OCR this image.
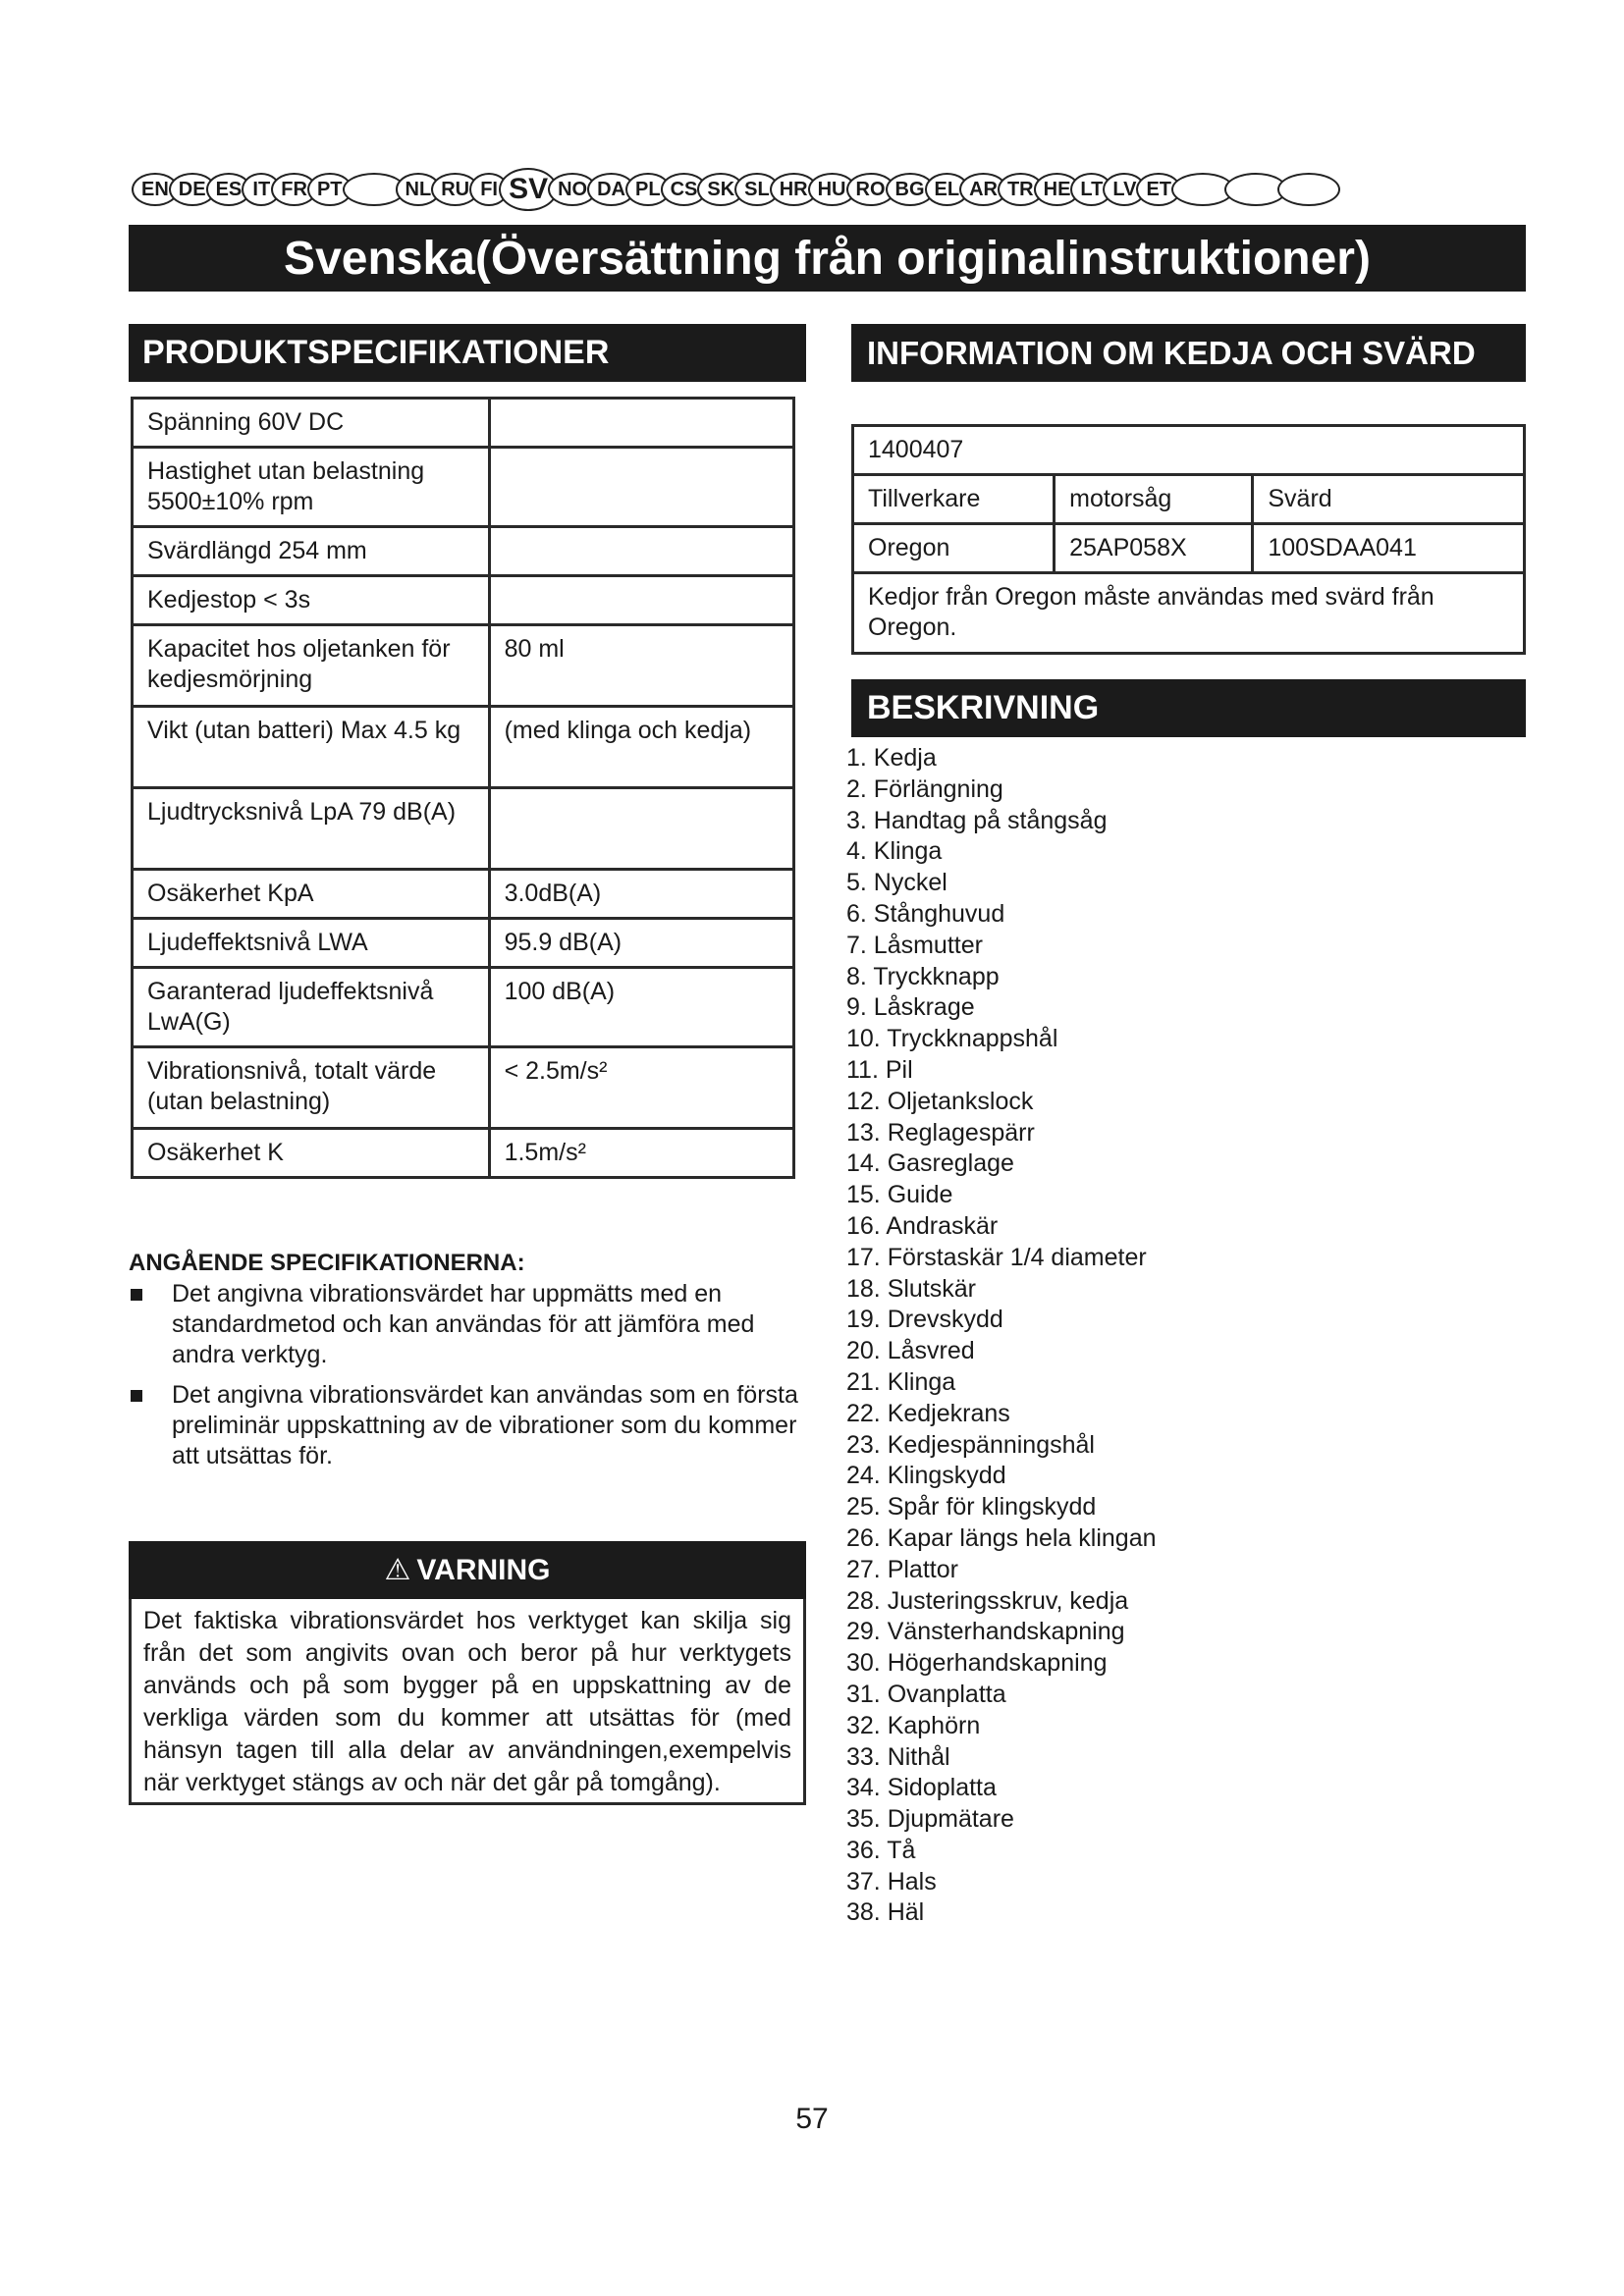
EN DE ES IT FR PT	NL RU FI SV NO DA PL CS SK SL HR HU RO BG EL AR TR HE LT LV ET
Svenska(Översättning från originalinstruktioner)
PRODUKTSPECIFIKATIONER
Spänning 60V DC	
Hastighet utan belastning 5500±10% rpm	
Svärdlängd 254 mm	
Kedjestop < 3s	
Kapacitet hos oljetanken för kedjesmörjning	80 ml
Vikt (utan batteri) Max 4.5 kg	(med klinga och kedja)
Ljudtrycksnivå LpA 79 dB(A)	
Osäkerhet KpA	3.0dB(A)
Ljudeffektsnivå LWA	95.9 dB(A)
Garanterad ljudeffektsnivå LwA(G)	100 dB(A)
Vibrationsnivå, totalt värde (utan belastning)	< 2.5m/s²
Osäkerhet K	1.5m/s²
ANGÅENDE SPECIFIKATIONERNA:
Det angivna vibrationsvärdet har uppmätts med en standardmetod och kan användas för att jämföra med andra verktyg.
Det angivna vibrationsvärdet kan användas som en första preliminär uppskattning av de vibrationer som du kommer att utsättas för.
⚠ VARNING
Det faktiska vibrationsvärdet hos verktyget kan skilja sig från det som angivits ovan och beror på hur verktygets används och på som bygger på en uppskattning av de verkliga värden som du kommer att utsättas för (med hänsyn tagen till alla delar av användningen,exempelvis när verktyget stängs av och när det går på tomgång).
INFORMATION OM KEDJA OCH SVÄRD
1400407		
Tillverkare	motorsåg	Svärd
Oregon	25AP058X	100SDAA041
Kedjor från Oregon måste användas med svärd från Oregon.		
BESKRIVNING
1. Kedja
2. Förlängning
3. Handtag på stångsåg
4. Klinga
5. Nyckel
6. Stånghuvud
7. Låsmutter
8. Tryckknapp
9. Låskrage
10. Tryckknappshål
11. Pil
12. Oljetankslock
13. Reglagespärr
14. Gasreglage
15. Guide
16. Andraskär
17. Förstaskär 1/4 diameter
18. Slutskär
19. Drevskydd
20. Låsvred
21. Klinga
22. Kedjekrans
23. Kedjespänningshål
24. Klingskydd
25. Spår för klingskydd
26. Kapar längs hela klingan
27. Plattor
28. Justeringsskruv, kedja
29. Vänsterhandskapning
30. Högerhandskapning
31. Ovanplatta
32. Kaphörn
33. Nithål
34. Sidoplatta
35. Djupmätare
36. Tå
37. Hals
38. Häl
57
